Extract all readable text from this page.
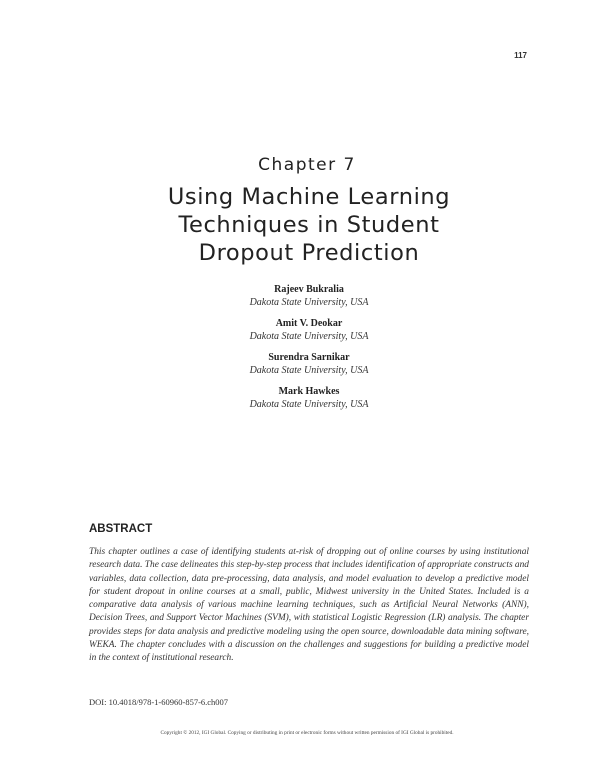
117
Chapter 7
Using Machine Learning
Techniques in Student
Dropout Prediction
Rajeev Bukralia
Dakota State University, USA
Amit V. Deokar
Dakota State University, USA
Surendra Sarnikar
Dakota State University, USA
Mark Hawkes
Dakota State University, USA
ABSTRACT
This chapter outlines a case of identifying students at-risk of dropping out of online courses by using institutional research data. The case delineates this step-by-step process that includes identification of appropriate constructs and variables, data collection, data pre-processing, data analysis, and model evaluation to develop a predictive model for student dropout in online courses at a small, public, Midwest university in the United States. Included is a comparative data analysis of various machine learning techniques, such as Artificial Neural Networks (ANN), Decision Trees, and Support Vector Machines (SVM), with statistical Logistic Regression (LR) analysis. The chapter provides steps for data analysis and predictive modeling using the open source, downloadable data mining software, WEKA. The chapter concludes with a discussion on the challenges and suggestions for building a predictive model in the context of institutional research.
DOI: 10.4018/978-1-60960-857-6.ch007
Copyright © 2012, IGI Global. Copying or distributing in print or electronic forms without written permission of IGI Global is prohibited.
